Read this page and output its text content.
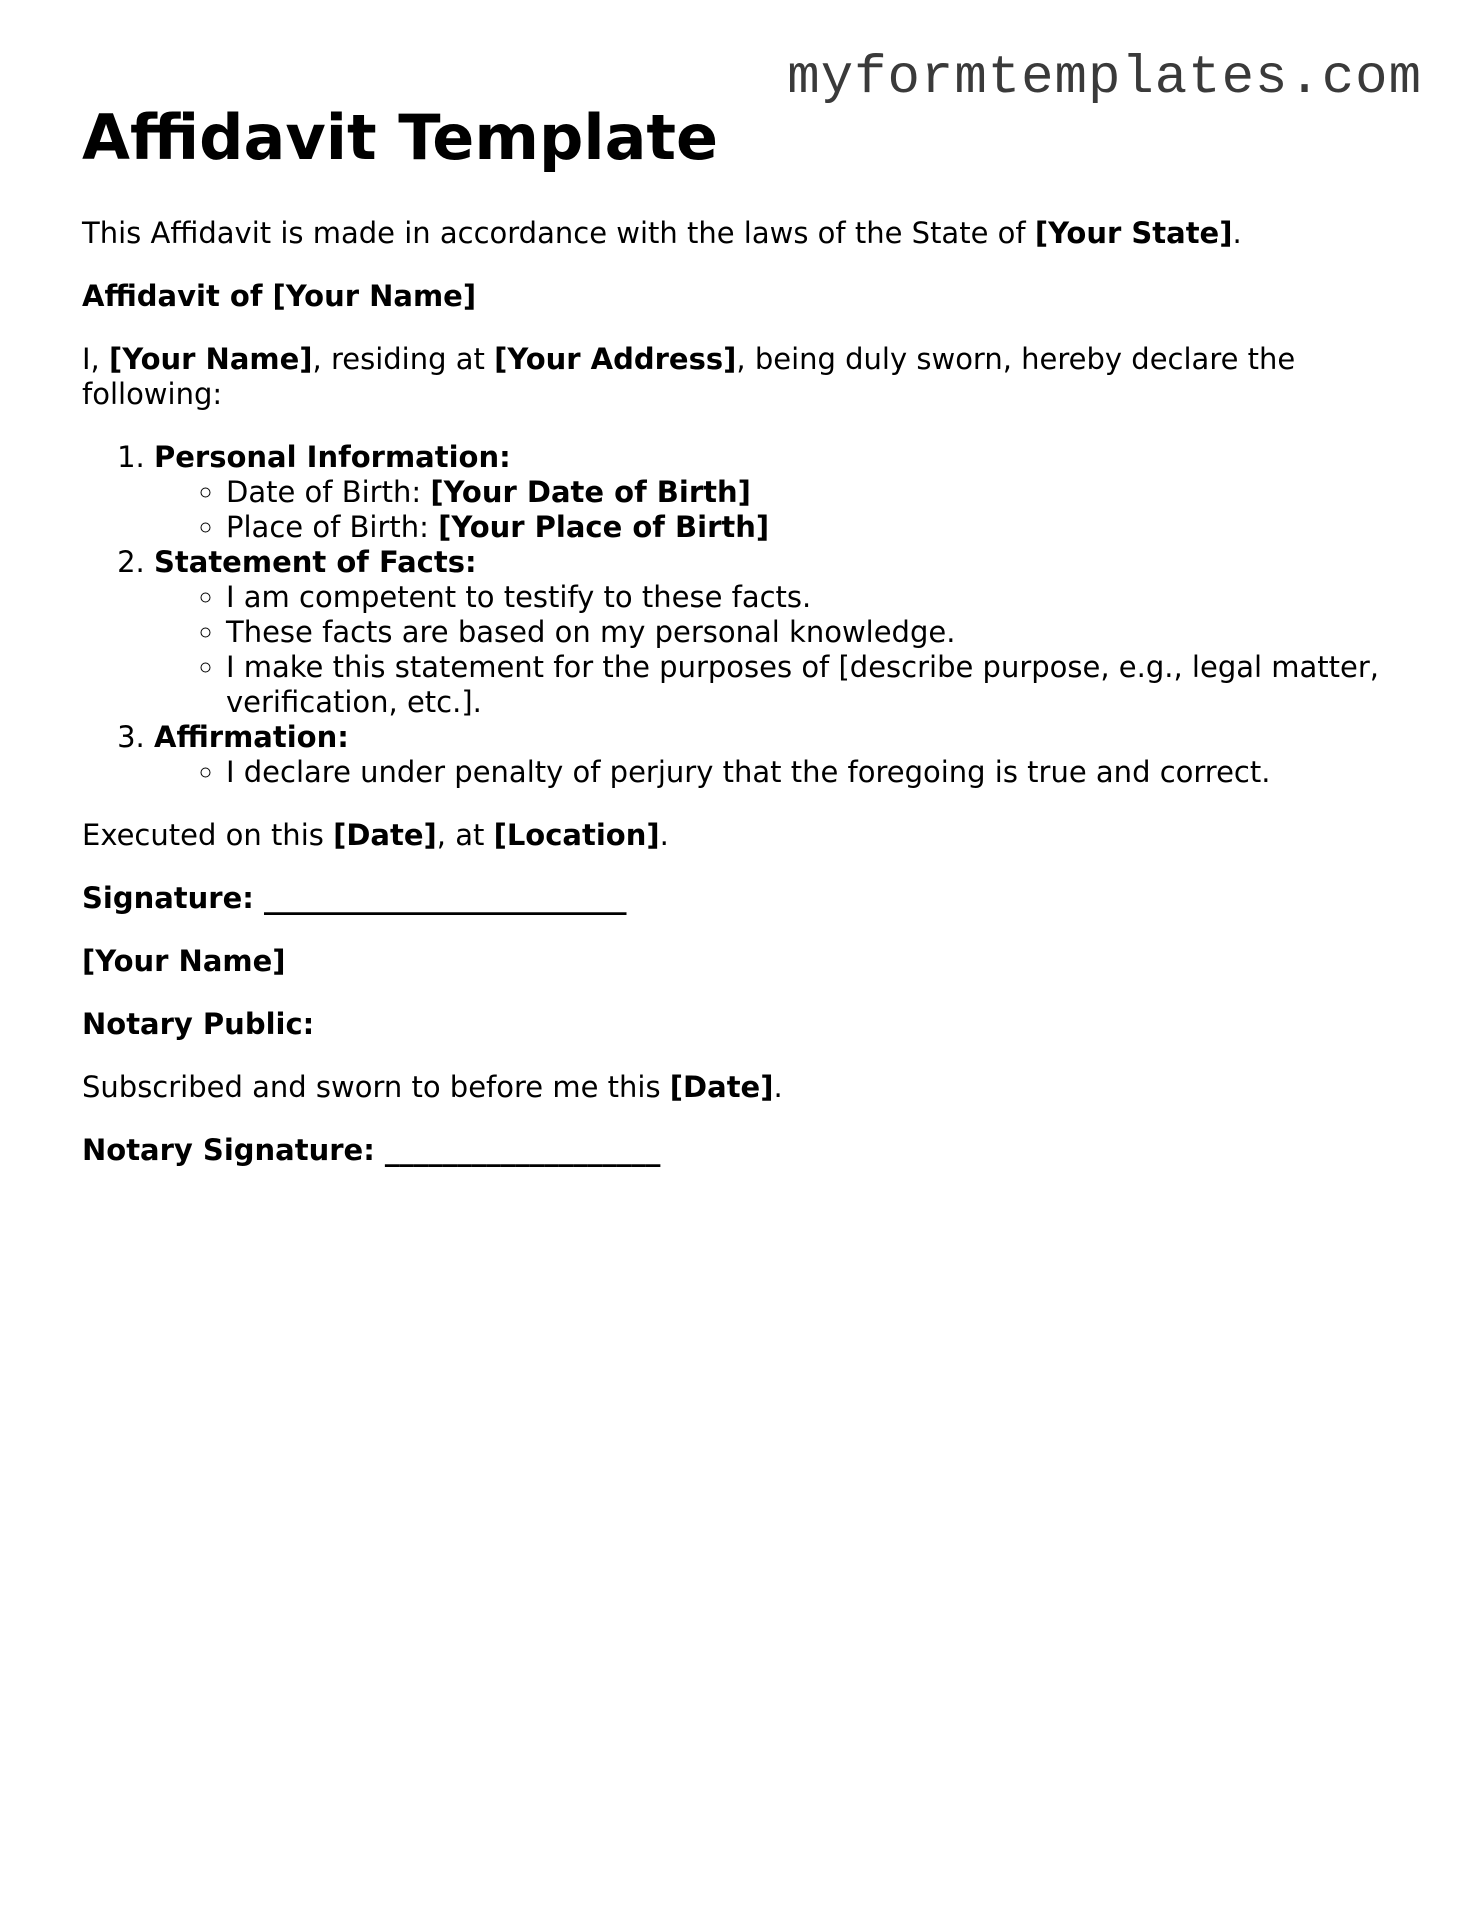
myformtemplates.com
Affidavit Template

This Affidavit is made in accordance with the laws of the State of [Your State].

Affidavit of [Your Name]

I, [Your Name], residing at [Your Address], being duly sworn, hereby declare the following:

1. Personal Information:
◦ Date of Birth: [Your Date of Birth]
◦ Place of Birth: [Your Place of Birth]
2. Statement of Facts:
◦ I am competent to testify to these facts.
◦ These facts are based on my personal knowledge.
◦ I make this statement for the purposes of [describe purpose, e.g., legal matter, verification, etc.].
3. Affirmation:
◦ I declare under penalty of perjury that the foregoing is true and correct.

Executed on this [Date], at [Location].

Signature: _________________________

[Your Name]

Notary Public:

Subscribed and sworn to before me this [Date].

Notary Signature: ___________________
